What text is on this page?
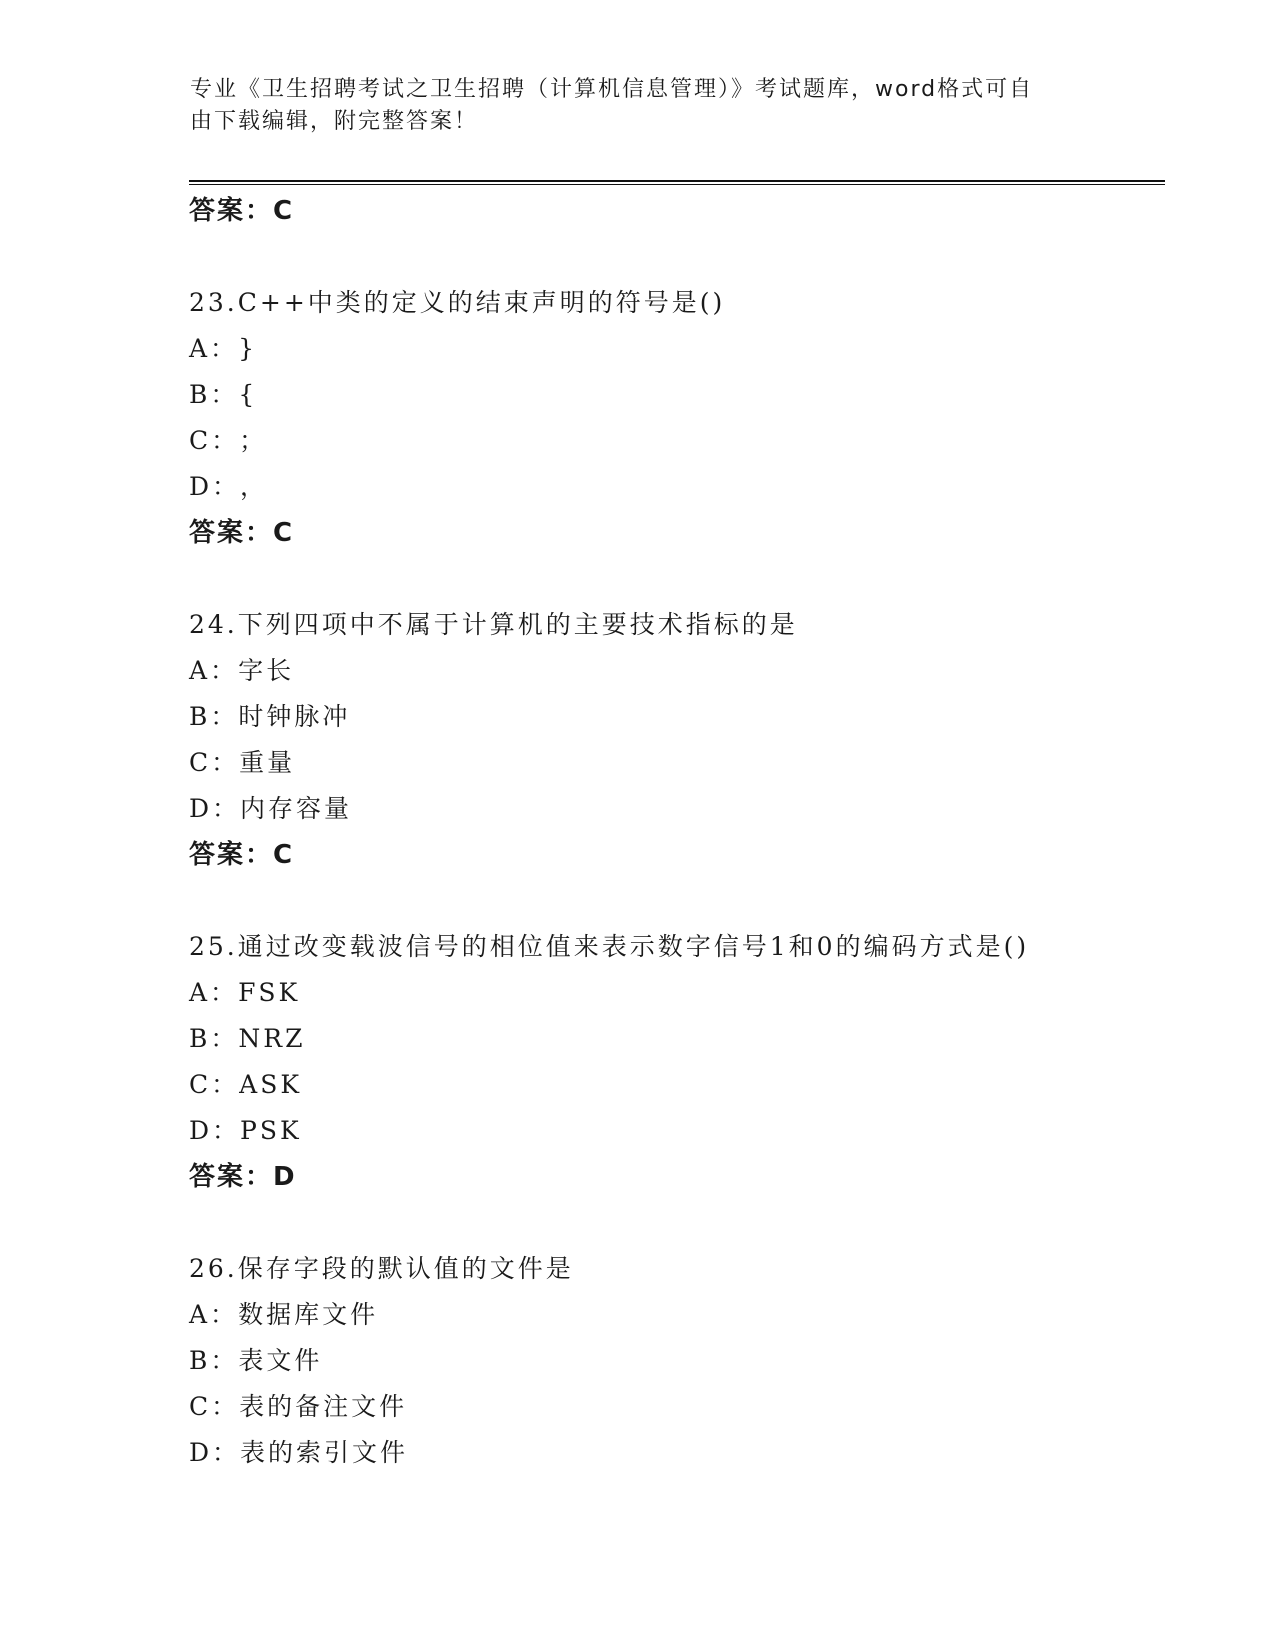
专业《卫生招聘考试之卫生招聘（计算机信息管理）》考试题库，word格式可自
由下载编辑，附完整答案！
答案：C
23.C++中类的定义的结束声明的符号是()
A：}
B：{
C：；
D：，
答案：C
24.下列四项中不属于计算机的主要技术指标的是
A：字长
B：时钟脉冲
C：重量
D：内存容量
答案：C
25.通过改变载波信号的相位值来表示数字信号1和0的编码方式是()
A：FSK
B：NRZ
C：ASK
D：PSK
答案：D
26.保存字段的默认值的文件是
A：数据库文件
B：表文件
C：表的备注文件
D：表的索引文件
